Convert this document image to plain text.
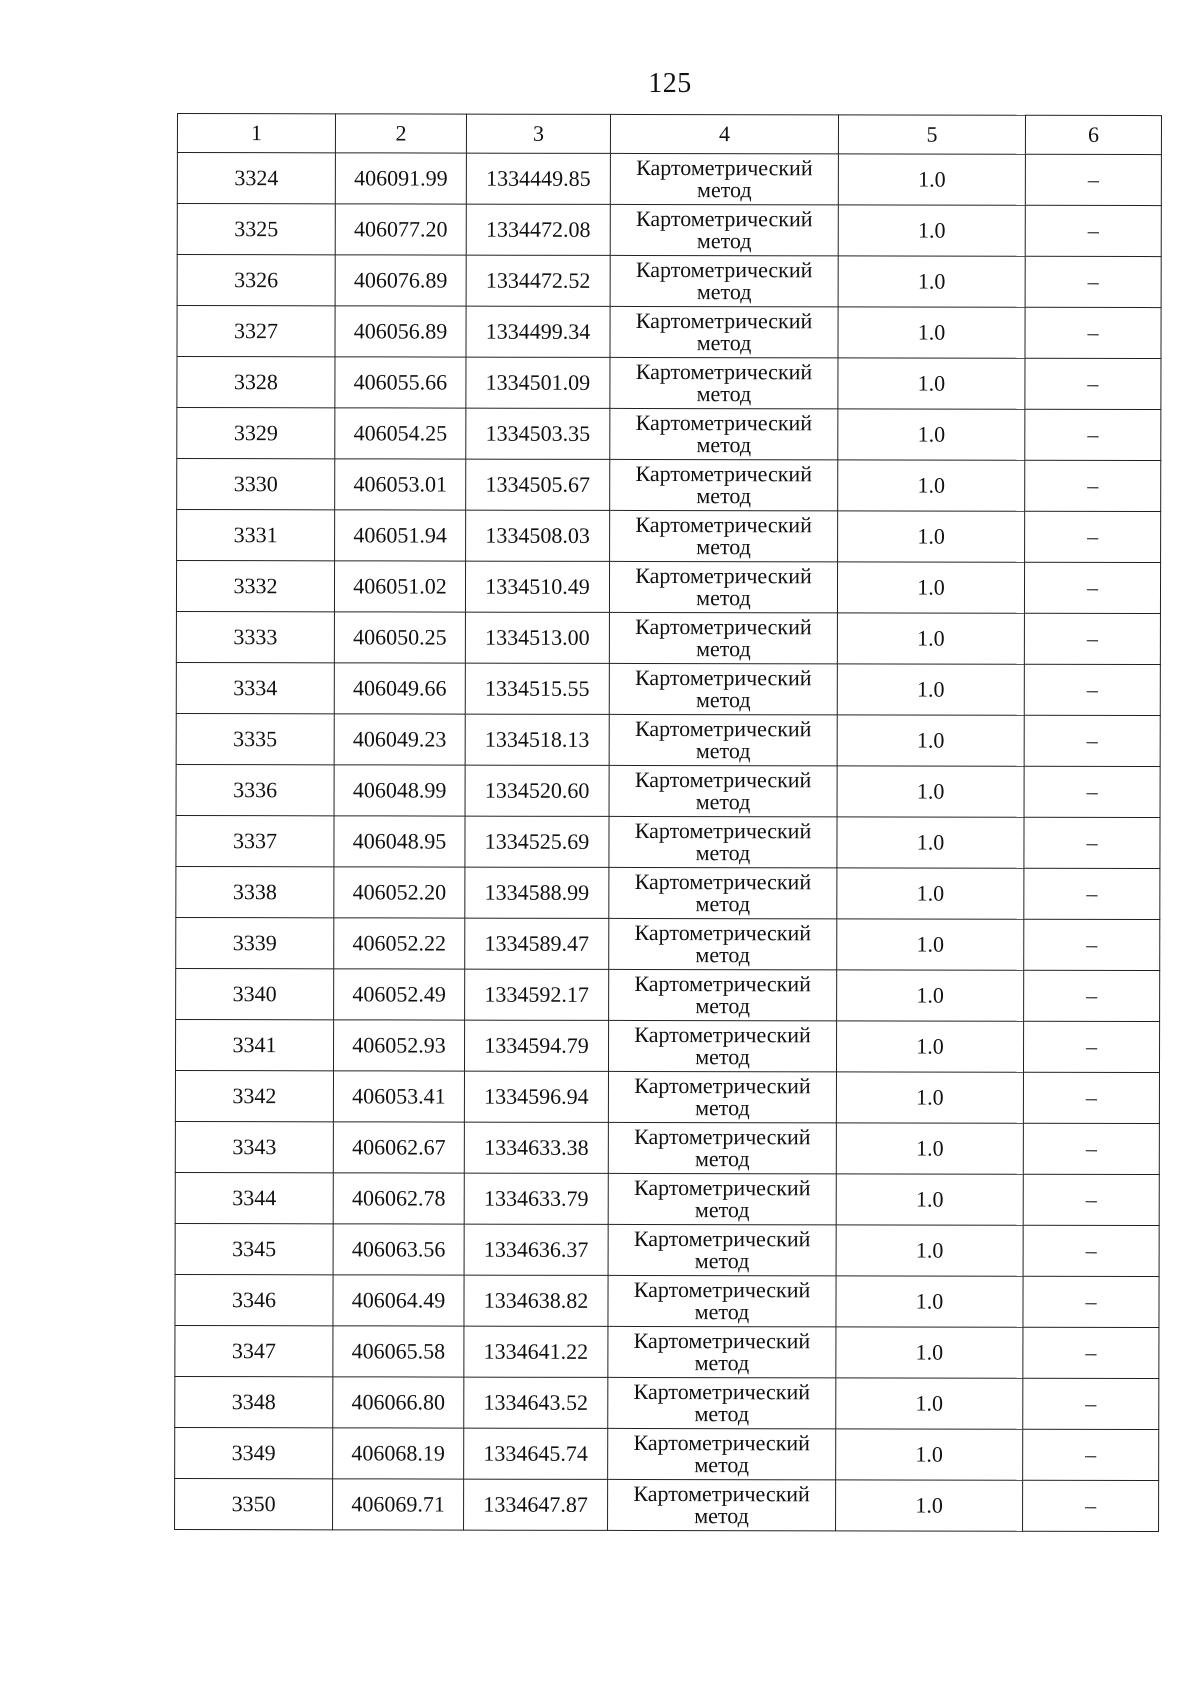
125
1	2	3	4	5	6
3324	406091.99	1334449.85	Картометрический метод	1.0	–
3325	406077.20	1334472.08	Картометрический метод	1.0	–
3326	406076.89	1334472.52	Картометрический метод	1.0	–
3327	406056.89	1334499.34	Картометрический метод	1.0	–
3328	406055.66	1334501.09	Картометрический метод	1.0	–
3329	406054.25	1334503.35	Картометрический метод	1.0	–
3330	406053.01	1334505.67	Картометрический метод	1.0	–
3331	406051.94	1334508.03	Картометрический метод	1.0	–
3332	406051.02	1334510.49	Картометрический метод	1.0	–
3333	406050.25	1334513.00	Картометрический метод	1.0	–
3334	406049.66	1334515.55	Картометрический метод	1.0	–
3335	406049.23	1334518.13	Картометрический метод	1.0	–
3336	406048.99	1334520.60	Картометрический метод	1.0	–
3337	406048.95	1334525.69	Картометрический метод	1.0	–
3338	406052.20	1334588.99	Картометрический метод	1.0	–
3339	406052.22	1334589.47	Картометрический метод	1.0	–
3340	406052.49	1334592.17	Картометрический метод	1.0	–
3341	406052.93	1334594.79	Картометрический метод	1.0	–
3342	406053.41	1334596.94	Картометрический метод	1.0	–
3343	406062.67	1334633.38	Картометрический метод	1.0	–
3344	406062.78	1334633.79	Картометрический метод	1.0	–
3345	406063.56	1334636.37	Картометрический метод	1.0	–
3346	406064.49	1334638.82	Картометрический метод	1.0	–
3347	406065.58	1334641.22	Картометрический метод	1.0	–
3348	406066.80	1334643.52	Картометрический метод	1.0	–
3349	406068.19	1334645.74	Картометрический метод	1.0	–
3350	406069.71	1334647.87	Картометрический метод	1.0	–
